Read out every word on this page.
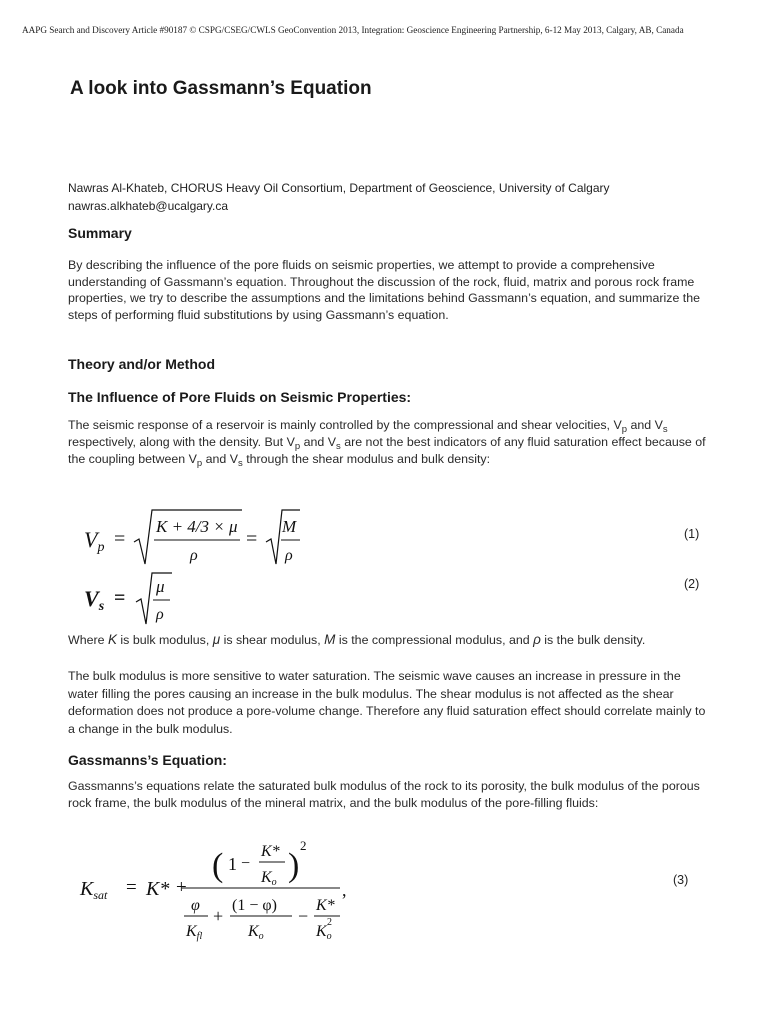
AAPG Search and Discovery Article #90187 © CSPG/CSEG/CWLS GeoConvention 2013, Integration: Geoscience Engineering Partnership, 6-12 May 2013, Calgary, AB, Canada
A look into Gassmann’s Equation
Nawras Al-Khateb, CHORUS Heavy Oil Consortium, Department of Geoscience, University of Calgary
nawras.alkhateb@ucalgary.ca
Summary
By describing the influence of the pore fluids on seismic properties, we attempt to provide a comprehensive understanding of Gassmann’s equation. Throughout the discussion of the rock, fluid, matrix and porous rock frame properties, we try to describe the assumptions and the limitations behind Gassmann’s equation, and summarize the steps of performing fluid substitutions by using Gassmann’s equation.
Theory and/or Method
The Influence of Pore Fluids on Seismic Properties:
The seismic response of a reservoir is mainly controlled by the compressional and shear velocities, $V_p$ and $V_s$ respectively, along with the density. But $V_p$ and $V_s$ are not the best indicators of any fluid saturation effect because of the coupling between $V_p$ and $V_s$ through the shear modulus and bulk density:
Vp =
K + 4/3 × μ
ρ
=
M
ρ
(1)
Vs =
μ
ρ
(2)
Where K is bulk modulus, μ is shear modulus, M is the compressional modulus, and ρ is the bulk density.
The bulk modulus is more sensitive to water saturation. The seismic wave causes an increase in pressure in the water filling the pores causing an increase in the bulk modulus. The shear modulus is not affected as the shear deformation does not produce a pore-volume change. Therefore any fluid saturation effect should correlate mainly to a change in the bulk modulus.
Gassmanns’s Equation:
Gassmanns’s equations relate the saturated bulk modulus of the rock to its porosity, the bulk modulus of the porous rock frame, the bulk modulus of the mineral matrix, and the bulk modulus of the pore-filling fluids:
$K_{sat} = K*$ +
( 1 −
K*
Ko )
2
φ
Kfl
+
(1 − φ)
Ko
−
K*
Ko
2
,	(3)
